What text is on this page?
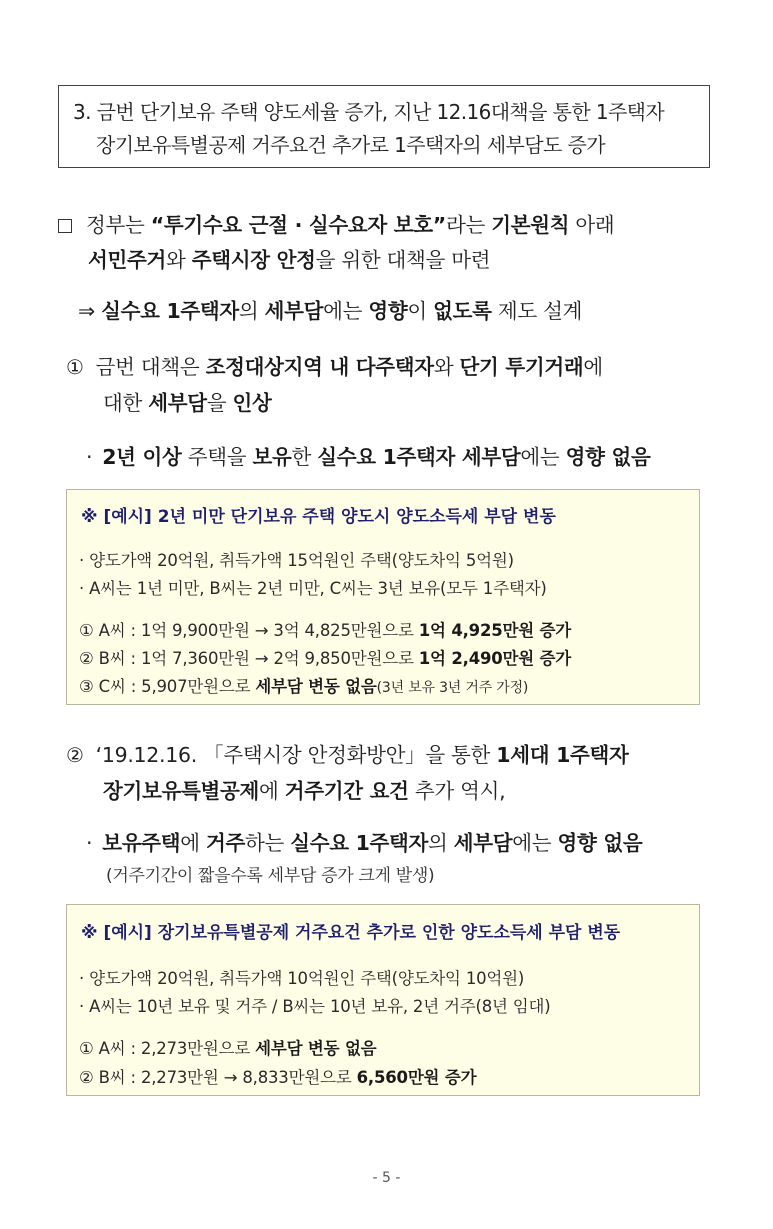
3. 금번 단기보유 주택 양도세율 증가, 지난 12.16대책을 통한 1주택자
장기보유특별공제 거주요건 추가로 1주택자의 세부담도 증가
정부는 “투기수요 근절 · 실수요자 보호”라는 기본원칙 아래
서민주거와 주택시장 안정을 위한 대책을 마련
⇒ 실수요 1주택자의 세부담에는 영향이 없도록 제도 설계
① 금번 대책은 조정대상지역 내 다주택자와 단기 투기거래에
대한 세부담을 인상
· 2년 이상 주택을 보유한 실수요 1주택자 세부담에는 영향 없음
※ [예시] 2년 미만 단기보유 주택 양도시 양도소득세 부담 변동
· 양도가액 20억원, 취득가액 15억원인 주택(양도차익 5억원)
· A씨는 1년 미만, B씨는 2년 미만, C씨는 3년 보유(모두 1주택자)
① A씨 : 1억 9,900만원 → 3억 4,825만원으로 1억 4,925만원 증가
② B씨 : 1억 7,360만원 → 2억 9,850만원으로 1억 2,490만원 증가
③ C씨 : 5,907만원으로 세부담 변동 없음(3년 보유 3년 거주 가정)
② ‘19.12.16. 「주택시장 안정화방안」을 통한 1세대 1주택자
장기보유특별공제에 거주기간 요건 추가 역시,
· 보유주택에 거주하는 실수요 1주택자의 세부담에는 영향 없음
(거주기간이 짧을수록 세부담 증가 크게 발생)
※ [예시] 장기보유특별공제 거주요건 추가로 인한 양도소득세 부담 변동
· 양도가액 20억원, 취득가액 10억원인 주택(양도차익 10억원)
· A씨는 10년 보유 및 거주 / B씨는 10년 보유, 2년 거주(8년 임대)
① A씨 : 2,273만원으로 세부담 변동 없음
② B씨 : 2,273만원 → 8,833만원으로 6,560만원 증가
- 5 -
